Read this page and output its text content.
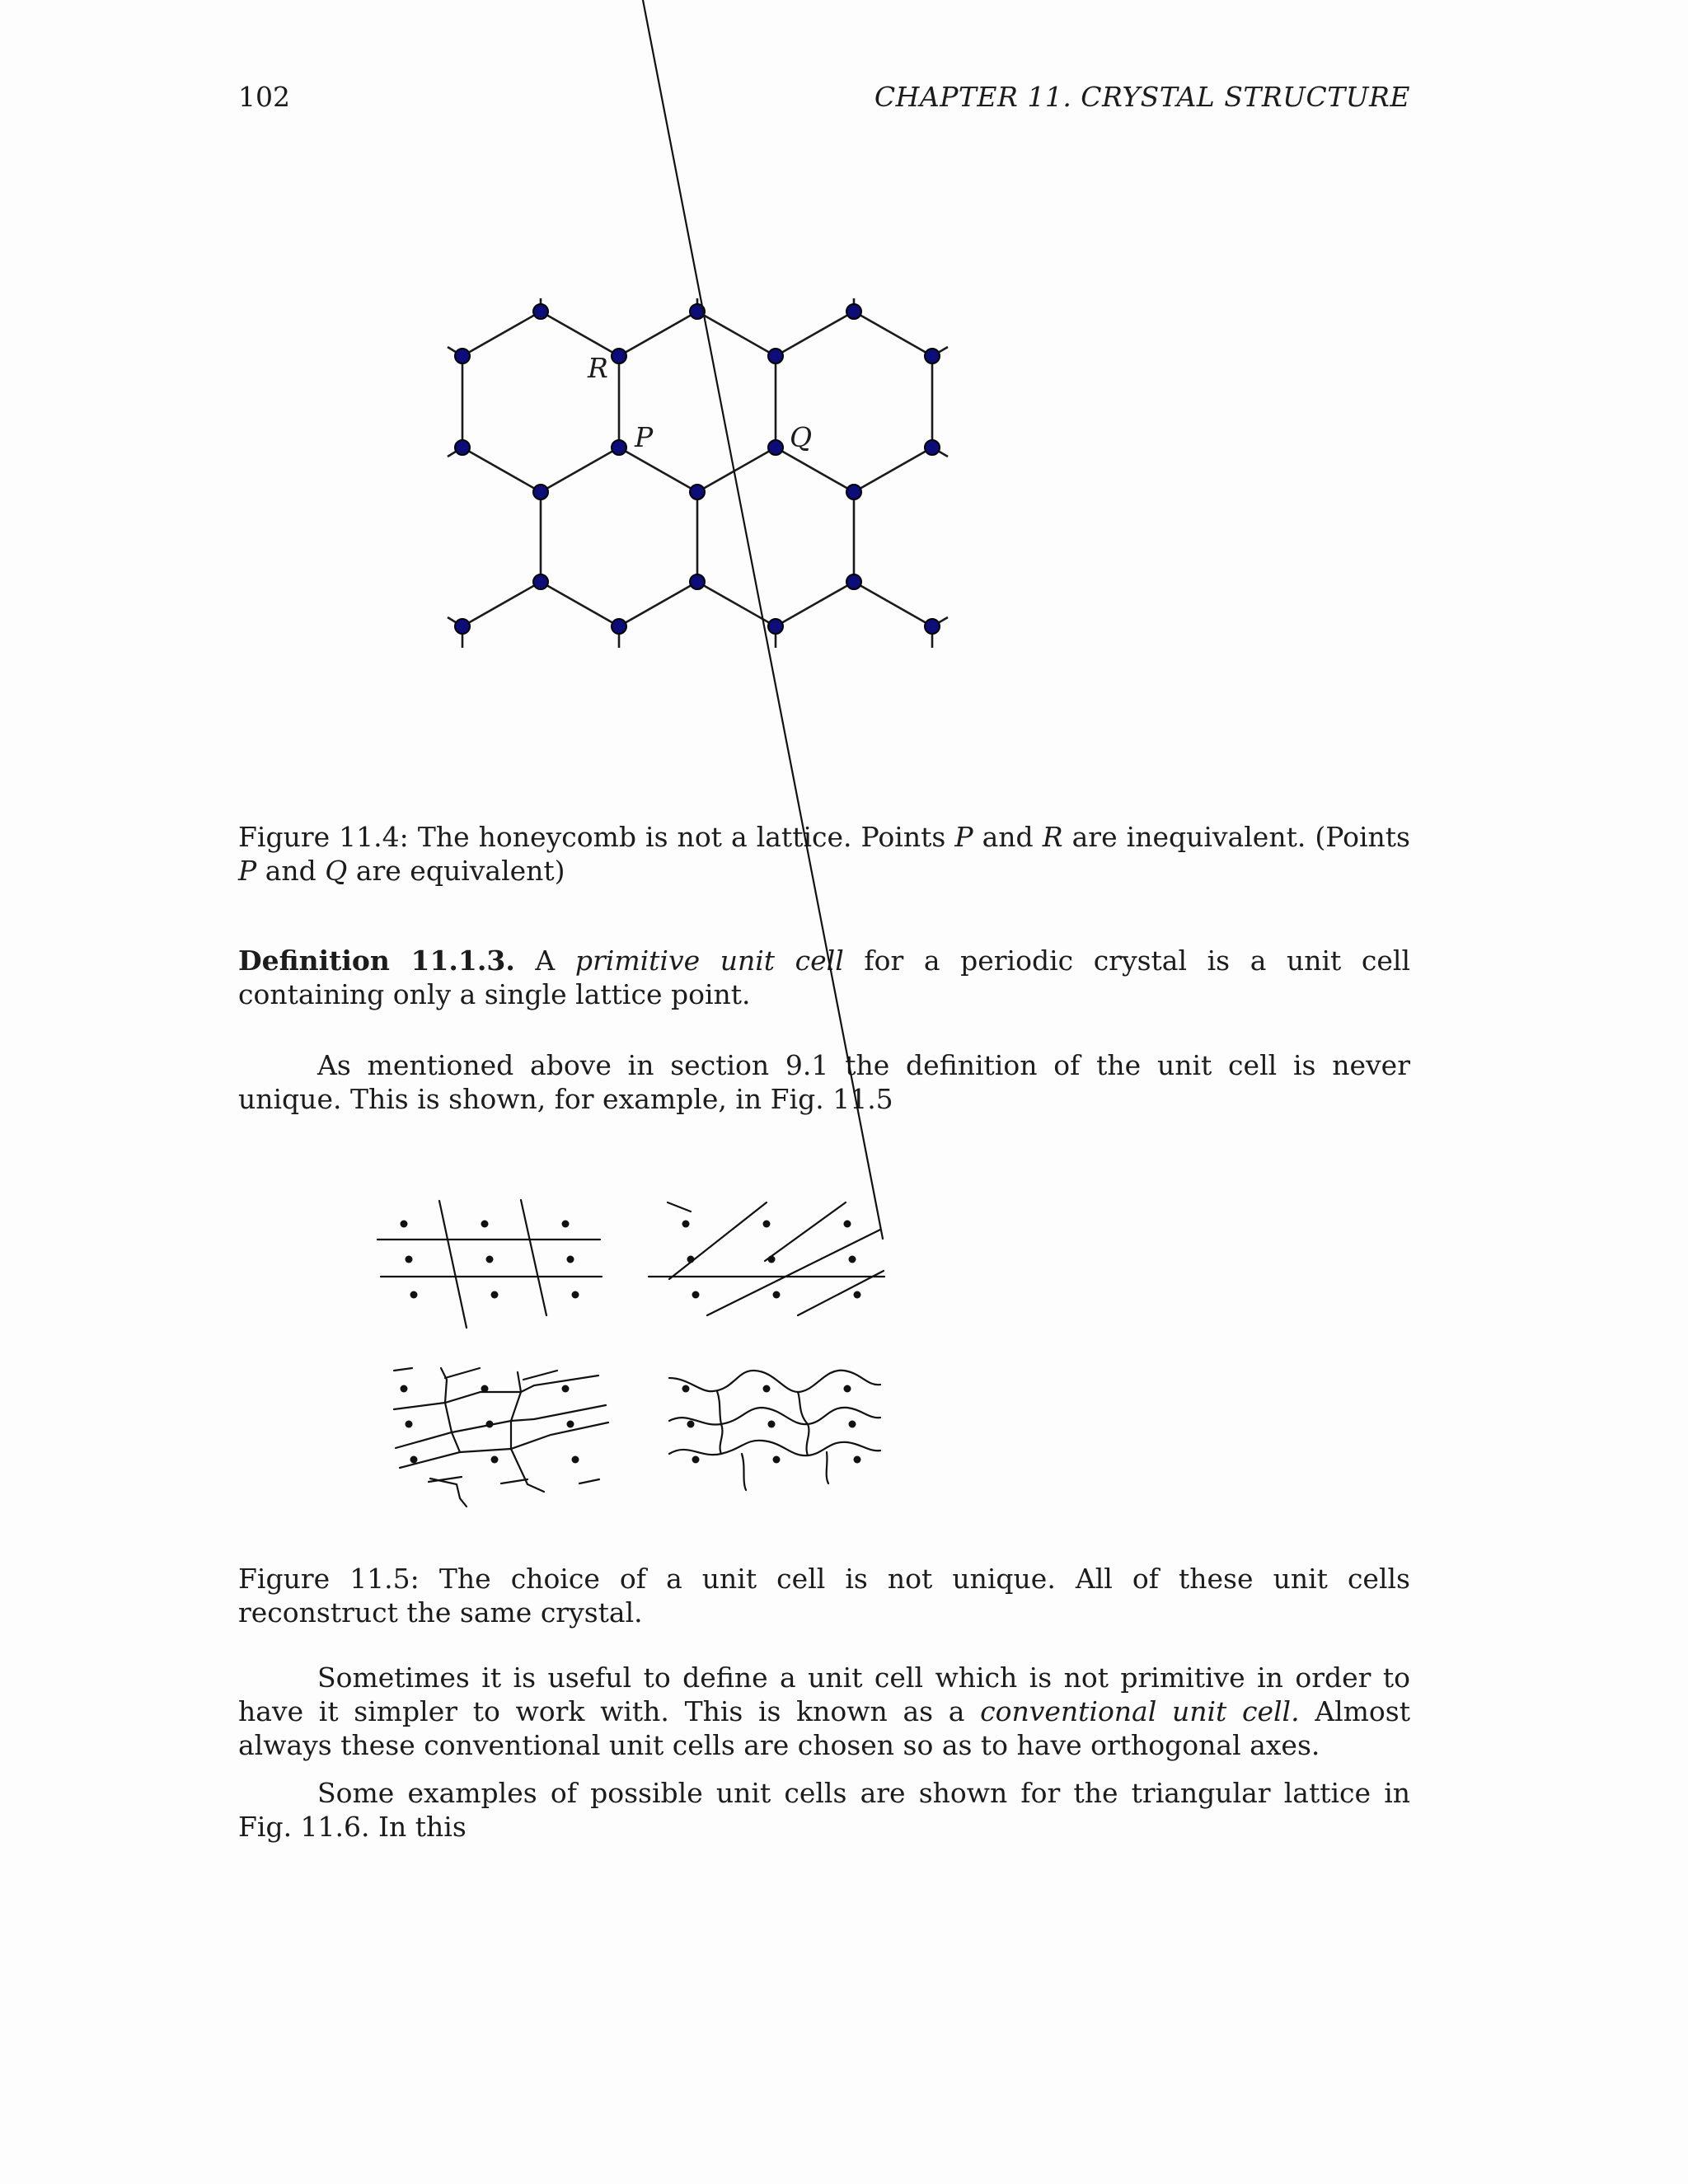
102	CHAPTER 11. CRYSTAL STRUCTURE
R
P	Q

Figure 11.4: The honeycomb is not a lattice. Points P and R are inequivalent. (Points P and Q are equivalent)

Definition 11.1.3. A primitive unit cell for a periodic crystal is a unit cell containing only a single lattice point.

As mentioned above in section 9.1 the definition of the unit cell is never unique. This is shown, for example, in Fig. 11.5

Figure 11.5: The choice of a unit cell is not unique. All of these unit cells reconstruct the same crystal.

Sometimes it is useful to define a unit cell which is not primitive in order to have it simpler to work with. This is known as a conventional unit cell. Almost always these conventional unit cells are chosen so as to have orthogonal axes.

Some examples of possible unit cells are shown for the triangular lattice in Fig. 11.6. In this
